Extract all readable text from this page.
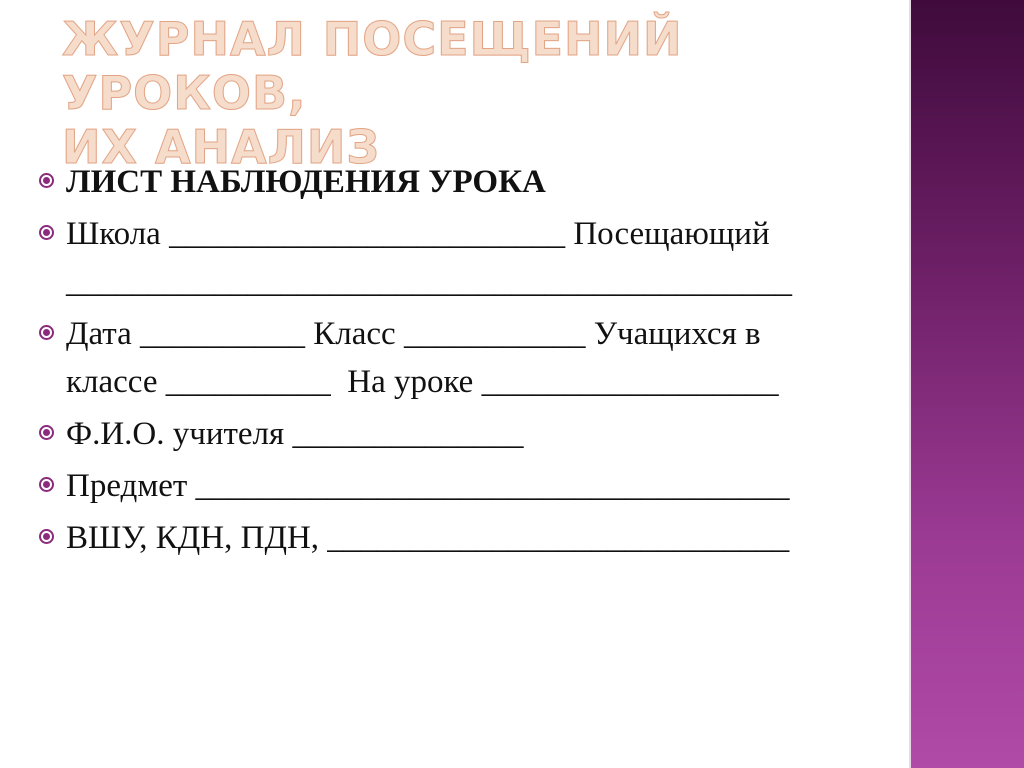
ЖУРНАЛ ПОСЕЩЕНИЙ УРОКОВ,
ИХ АНАЛИЗ
ЛИСТ НАБЛЮДЕНИЯ УРОКА
Школа ________________________ Посещающий
____________________________________________
Дата __________ Класс ___________ Учащихся в
классе __________  На уроке __________________
Ф.И.О. учителя ______________
Предмет ____________________________________
ВШУ, КДН, ПДН, ____________________________
